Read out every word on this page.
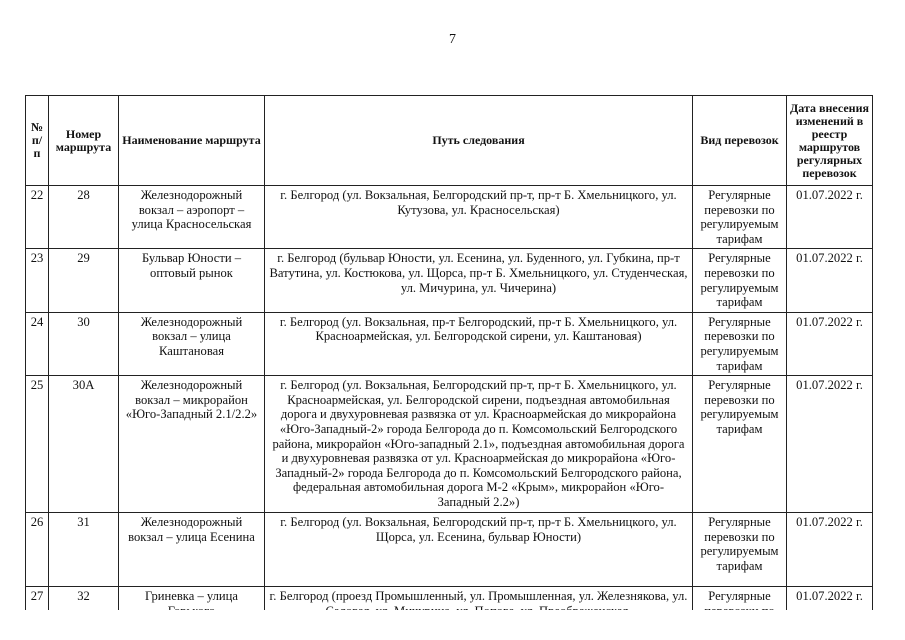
7
№ п/п	Номер маршрута	Наименование маршрута	Путь следования	Вид перевозок	Дата внесения изменений в реестр маршрутов регулярных перевозок
22	28	Железнодорожный вокзал – аэропорт – улица Красносельская	г. Белгород (ул. Вокзальная, Белгородский пр-т, пр-т Б. Хмельницкого, ул. Кутузова, ул. Красносельская)	Регулярные перевозки по регулируемым тарифам	01.07.2022 г.
23	29	Бульвар Юности – оптовый рынок	г. Белгород (бульвар Юности, ул. Есенина, ул. Буденного, ул. Губкина, пр-т Ватутина, ул. Костюкова, ул. Щорса, пр-т Б. Хмельницкого, ул. Студенческая, ул. Мичурина, ул. Чичерина)	Регулярные перевозки по регулируемым тарифам	01.07.2022 г.
24	30	Железнодорожный вокзал – улица Каштановая	г. Белгород (ул. Вокзальная, пр-т Белгородский, пр-т Б. Хмельницкого, ул. Красноармейская, ул. Белгородской сирени, ул. Каштановая)	Регулярные перевозки по регулируемым тарифам	01.07.2022 г.
25	30А	Железнодорожный вокзал – микрорайон «Юго-Западный 2.1/2.2»	г. Белгород (ул. Вокзальная, Белгородский пр-т, пр-т Б. Хмельницкого, ул. Красноармейская, ул. Белгородской сирени, подъездная автомобильная дорога и двухуровневая развязка от ул. Красноармейская до микрорайона «Юго-Западный-2» города Белгорода до п. Комсомольский Белгородского района, микрорайон «Юго-западный 2.1», подъездная автомобильная дорога и двухуровневая развязка от ул. Красноармейская до микрорайона «Юго-Западный-2» города Белгорода до п. Комсомольский Белгородского района, федеральная автомобильная дорога М-2 «Крым», микрорайон «Юго-Западный 2.2»)	Регулярные перевозки по регулируемым тарифам	01.07.2022 г.
26	31	Железнодорожный вокзал – улица Есенина	г. Белгород (ул. Вокзальная, Белгородский пр-т, пр-т Б. Хмельницкого, ул. Щорса, ул. Есенина, бульвар Юности)	Регулярные перевозки по регулируемым тарифам	01.07.2022 г.
27	32	Гриневка – улица	г. Белгород (проезд Промышленный, ул. Промышленная, ул. Железнякова, ул.	Регулярные	01.07.2022 г.
